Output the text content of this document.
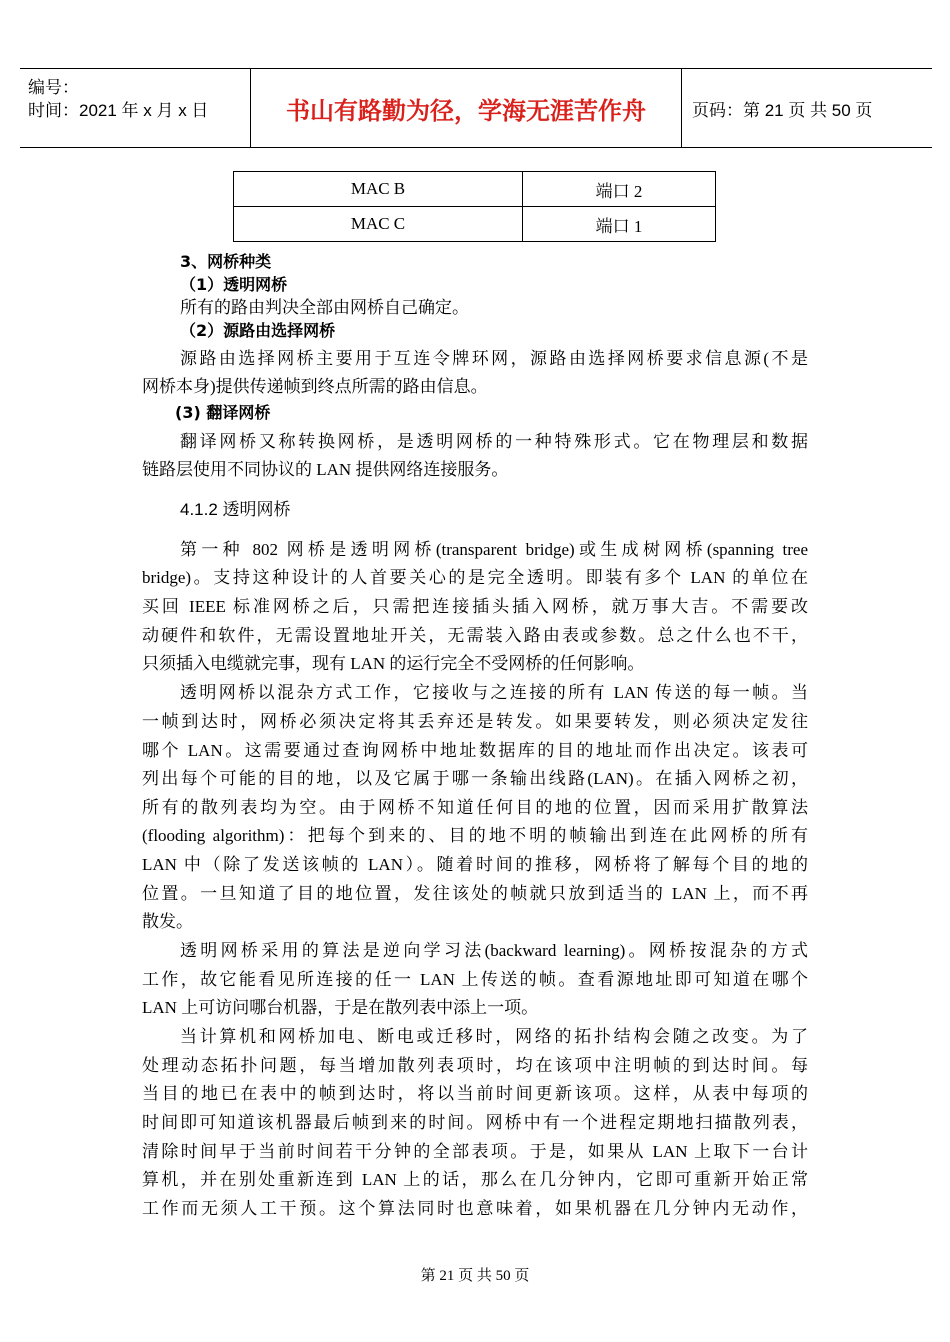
编号：
时间：2021 年 x 月 x 日	书山有路勤为径，学海无涯苦作舟	页码：第 21 页 共 50 页
MAC B	端口 2
MAC C	端口 1
3、网桥种类
（1）透明网桥
所有的路由判决全部由网桥自己确定。
（2）源路由选择网桥
源路由选择网桥主要用于互连令牌环网，源路由选择网桥要求信息源(不是
网桥本身)提供传递帧到终点所需的路由信息。
(3) 翻译网桥
翻译网桥又称转换网桥，是透明网桥的一种特殊形式。它在物理层和数据
链路层使用不同协议的 LAN 提供网络连接服务。
4.1.2 透明网桥
第一种 802 网桥是透明网桥(transparent bridge)或生成树网桥(spanning tree
bridge)。支持这种设计的人首要关心的是完全透明。即装有多个 LAN 的单位在
买回 IEEE 标准网桥之后，只需把连接插头插入网桥，就万事大吉。不需要改
动硬件和软件，无需设置地址开关，无需装入路由表或参数。总之什么也不干，
只须插入电缆就完事，现有 LAN 的运行完全不受网桥的任何影响。
透明网桥以混杂方式工作，它接收与之连接的所有 LAN 传送的每一帧。当
一帧到达时，网桥必须决定将其丢弃还是转发。如果要转发，则必须决定发往
哪个 LAN。这需要通过查询网桥中地址数据库的目的地址而作出决定。该表可
列出每个可能的目的地，以及它属于哪一条输出线路(LAN)。在插入网桥之初，
所有的散列表均为空。由于网桥不知道任何目的地的位置，因而采用扩散算法
(flooding algorithm)：把每个到来的、目的地不明的帧输出到连在此网桥的所有
LAN 中（除了发送该帧的 LAN）。随着时间的推移，网桥将了解每个目的地的
位置。一旦知道了目的地位置，发往该处的帧就只放到适当的 LAN 上，而不再
散发。
透明网桥采用的算法是逆向学习法(backward learning)。网桥按混杂的方式
工作，故它能看见所连接的任一 LAN 上传送的帧。查看源地址即可知道在哪个
LAN 上可访问哪台机器，于是在散列表中添上一项。
当计算机和网桥加电、断电或迁移时，网络的拓扑结构会随之改变。为了
处理动态拓扑问题，每当增加散列表项时，均在该项中注明帧的到达时间。每
当目的地已在表中的帧到达时，将以当前时间更新该项。这样，从表中每项的
时间即可知道该机器最后帧到来的时间。网桥中有一个进程定期地扫描散列表，
清除时间早于当前时间若干分钟的全部表项。于是，如果从 LAN 上取下一台计
算机，并在别处重新连到 LAN 上的话，那么在几分钟内，它即可重新开始正常
工作而无须人工干预。这个算法同时也意味着，如果机器在几分钟内无动作，
第 21 页 共 50 页
